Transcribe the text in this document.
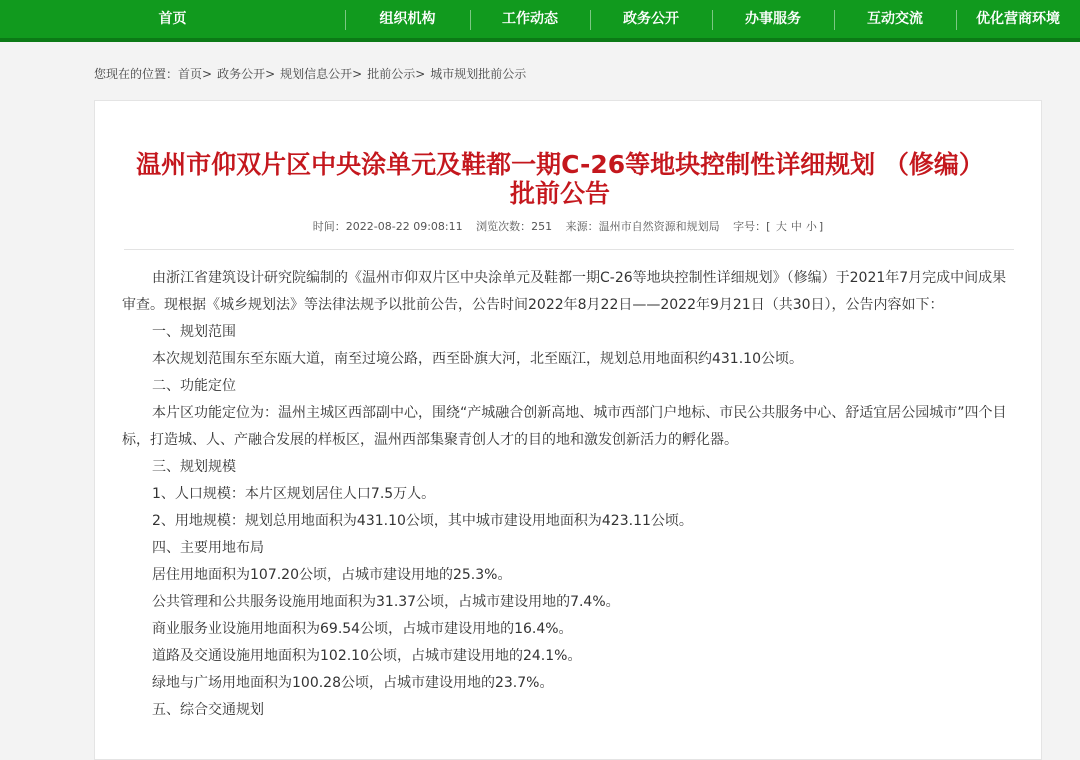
首页	组织机构	工作动态	政务公开	办事服务	互动交流	优化营商环境
您现在的位置：首页> 政务公开> 规划信息公开> 批前公示> 城市规划批前公示
温州市仰双片区中央涂单元及鞋都一期C-26等地块控制性详细规划 （修编）批前公告
时间：2022-08-22 09:08:11 浏览次数：251 来源：温州市自然资源和规划局 字号：[ 大 中 小 ]

由浙江省建筑设计研究院编制的《温州市仰双片区中央涂单元及鞋都一期C-26等地块控制性详细规划》（修编）于2021年7月完成中间成果审查。现根据《城乡规划法》等法律法规予以批前公告，公告时间2022年8月22日——2022年9月21日（共30日），公告内容如下：

一、规划范围

本次规划范围东至东瓯大道，南至过境公路，西至卧旗大河，北至瓯江，规划总用地面积约431.10公顷。

二、功能定位

本片区功能定位为：温州主城区西部副中心，围绕“产城融合创新高地、城市西部门户地标、市民公共服务中心、舒适宜居公园城市”四个目标，打造城、人、产融合发展的样板区，温州西部集聚青创人才的目的地和激发创新活力的孵化器。

三、规划规模

1、人口规模：本片区规划居住人口7.5万人。

2、用地规模：规划总用地面积为431.10公顷，其中城市建设用地面积为423.11公顷。

四、主要用地布局

居住用地面积为107.20公顷，占城市建设用地的25.3%。

公共管理和公共服务设施用地面积为31.37公顷，占城市建设用地的7.4%。

商业服务业设施用地面积为69.54公顷，占城市建设用地的16.4%。

道路及交通设施用地面积为102.10公顷，占城市建设用地的24.1%。

绿地与广场用地面积为100.28公顷，占城市建设用地的23.7%。

五、综合交通规划
